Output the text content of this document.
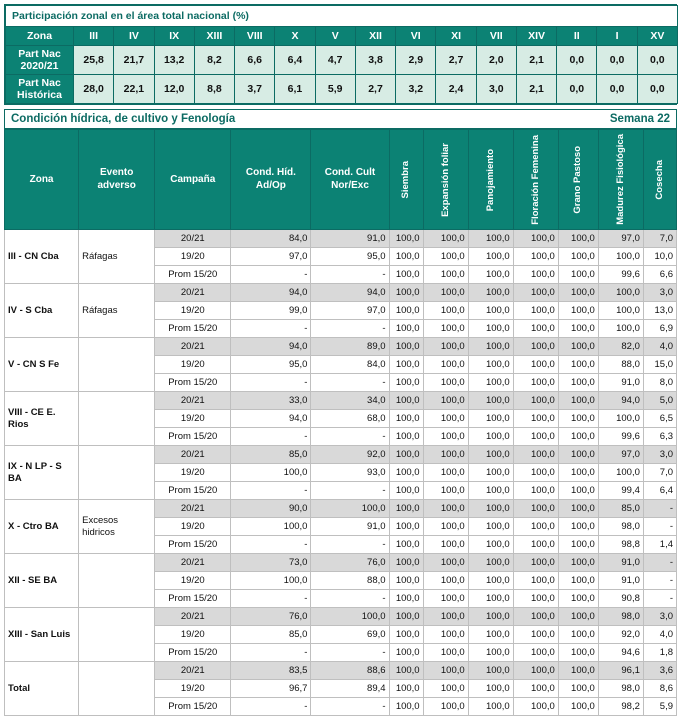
Participación zonal en el área total nacional (%)															
Zona	III	IV	IX	XIII	VIII	X	V	XII	VI	XI	VII	XIV	II	I	XV
Part Nac 2020/21	25,8	21,7	13,2	8,2	6,6	6,4	4,7	3,8	2,9	2,7	2,0	2,1	0,0	0,0	0,0
Part Nac Histórica	28,0	22,1	12,0	8,8	3,7	6,1	5,9	2,7	3,2	2,4	3,0	2,1	0,0	0,0	0,0
Condición hídrica, de cultivo y Fenología	Semana 22
Zona	Evento adverso	Campaña	Cond. Híd. Ad/Op	Cond. Cult Nor/Exc	Siembra	Expansión foliar	Panojamiento	Floración Femenina	Grano Pastoso	Madurez Fisiológica	Cosecha

III - CN Cba	Ráfagas	20/21	84,0	91,0	100,0	100,0	100,0	100,0	100,0	97,0	7,0
		19/20	97,0	95,0	100,0	100,0	100,0	100,0	100,0	100,0	10,0
		Prom 15/20	-	-	100,0	100,0	100,0	100,0	100,0	99,6	6,6
IV - S Cba	Ráfagas	20/21	94,0	94,0	100,0	100,0	100,0	100,0	100,0	100,0	3,0
		19/20	99,0	97,0	100,0	100,0	100,0	100,0	100,0	100,0	13,0
		Prom 15/20	-	-	100,0	100,0	100,0	100,0	100,0	100,0	6,9
V - CN S Fe		20/21	94,0	89,0	100,0	100,0	100,0	100,0	100,0	82,0	4,0
		19/20	95,0	84,0	100,0	100,0	100,0	100,0	100,0	88,0	15,0
		Prom 15/20	-	-	100,0	100,0	100,0	100,0	100,0	91,0	8,0
VIII - CE E. Rios		20/21	33,0	34,0	100,0	100,0	100,0	100,0	100,0	94,0	5,0
		19/20	94,0	68,0	100,0	100,0	100,0	100,0	100,0	100,0	6,5
		Prom 15/20	-	-	100,0	100,0	100,0	100,0	100,0	99,6	6,3
IX - N LP - S BA		20/21	85,0	92,0	100,0	100,0	100,0	100,0	100,0	97,0	3,0
		19/20	100,0	93,0	100,0	100,0	100,0	100,0	100,0	100,0	7,0
		Prom 15/20	-	-	100,0	100,0	100,0	100,0	100,0	99,4	6,4
X - Ctro BA	Excesos hidricos	20/21	90,0	100,0	100,0	100,0	100,0	100,0	100,0	85,0	-
		19/20	100,0	91,0	100,0	100,0	100,0	100,0	100,0	98,0	-
		Prom 15/20	-	-	100,0	100,0	100,0	100,0	100,0	98,8	1,4
XII - SE BA		20/21	73,0	76,0	100,0	100,0	100,0	100,0	100,0	91,0	-
		19/20	100,0	88,0	100,0	100,0	100,0	100,0	100,0	91,0	-
		Prom 15/20	-	-	100,0	100,0	100,0	100,0	100,0	90,8	-
XIII - San Luis		20/21	76,0	100,0	100,0	100,0	100,0	100,0	100,0	98,0	3,0
		19/20	85,0	69,0	100,0	100,0	100,0	100,0	100,0	92,0	4,0
		Prom 15/20	-	-	100,0	100,0	100,0	100,0	100,0	94,6	1,8
Total		20/21	83,5	88,6	100,0	100,0	100,0	100,0	100,0	96,1	3,6
		19/20	96,7	89,4	100,0	100,0	100,0	100,0	100,0	98,0	8,6
		Prom 15/20	-	-	100,0	100,0	100,0	100,0	100,0	98,2	5,9
